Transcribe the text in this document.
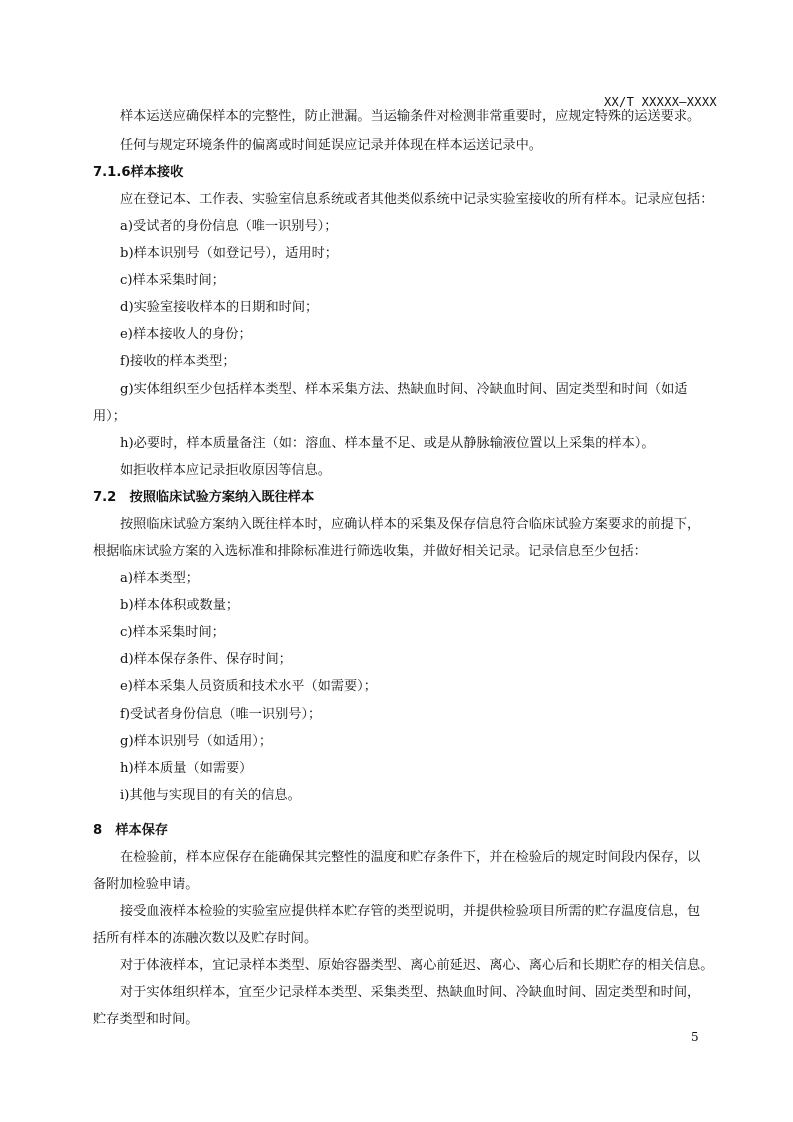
XX/T XXXXX—XXXX
样本运送应确保样本的完整性，防止泄漏。当运输条件对检测非常重要时，应规定特殊的运送要求。
任何与规定环境条件的偏离或时间延误应记录并体现在样本运送记录中。
7.1.6样本接收
应在登记本、工作表、实验室信息系统或者其他类似系统中记录实验室接收的所有样本。记录应包括：
a)受试者的身份信息（唯一识别号）；
b)样本识别号（如登记号），适用时；
c)样本采集时间；
d)实验室接收样本的日期和时间；
e)样本接收人的身份；
f)接收的样本类型；
g)实体组织至少包括样本类型、样本采集方法、热缺血时间、冷缺血时间、固定类型和时间（如适
用）；
h)必要时，样本质量备注（如：溶血、样本量不足、或是从静脉输液位置以上采集的样本）。
如拒收样本应记录拒收原因等信息。
7.2　按照临床试验方案纳入既往样本
按照临床试验方案纳入既往样本时，应确认样本的采集及保存信息符合临床试验方案要求的前提下，
根据临床试验方案的入选标准和排除标准进行筛选收集，并做好相关记录。记录信息至少包括：
a)样本类型；
b)样本体积或数量；
c)样本采集时间；
d)样本保存条件、保存时间；
e)样本采集人员资质和技术水平（如需要）；
f)受试者身份信息（唯一识别号）；
g)样本识别号（如适用）；
h)样本质量（如需要）
i)其他与实现目的有关的信息。
8　样本保存
在检验前，样本应保存在能确保其完整性的温度和贮存条件下，并在检验后的规定时间段内保存，以
备附加检验申请。
接受血液样本检验的实验室应提供样本贮存管的类型说明，并提供检验项目所需的贮存温度信息，包
括所有样本的冻融次数以及贮存时间。
对于体液样本，宜记录样本类型、原始容器类型、离心前延迟、离心、离心后和长期贮存的相关信息。
对于实体组织样本，宜至少记录样本类型、采集类型、热缺血时间、冷缺血时间、固定类型和时间，
贮存类型和时间。
5
